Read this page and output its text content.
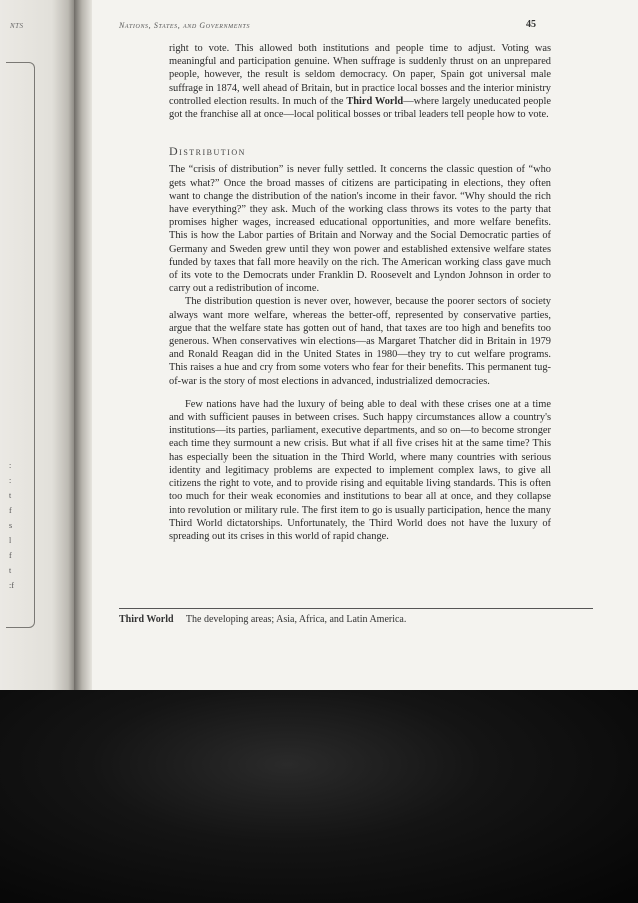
NTS
:
:
t
f
s
l
f
t
:f
Nations, States, and Governments	45

right to vote. This allowed both institutions and people time to adjust. Voting was meaningful and participation genuine. When suffrage is suddenly thrust on an unprepared people, however, the result is seldom democracy. On paper, Spain got universal male suffrage in 1874, well ahead of Britain, but in practice local bosses and the interior ministry controlled election results. In much of the Third World—where largely uneducated people got the franchise all at once—local political bosses or tribal leaders tell people how to vote.

Distribution

The “crisis of distribution” is never fully settled. It concerns the classic question of “who gets what?” Once the broad masses of citizens are participating in elections, they often want to change the distribution of the nation's income in their favor. “Why should the rich have everything?” they ask. Much of the working class throws its votes to the party that promises higher wages, increased educational opportunities, and more welfare benefits. This is how the Labor parties of Britain and Norway and the Social Democratic parties of Germany and Sweden grew until they won power and established extensive welfare states funded by taxes that fall more heavily on the rich. The American working class gave much of its vote to the Democrats under Franklin D. Roosevelt and Lyndon Johnson in order to carry out a redistribution of income.

The distribution question is never over, however, because the poorer sectors of society always want more welfare, whereas the better-off, represented by conservative parties, argue that the welfare state has gotten out of hand, that taxes are too high and benefits too generous. When conservatives win elections—as Margaret Thatcher did in Britain in 1979 and Ronald Reagan did in the United States in 1980—they try to cut welfare programs. This raises a hue and cry from some voters who fear for their benefits. This permanent tug-of-war is the story of most elections in advanced, industrialized democracies.

Few nations have had the luxury of being able to deal with these crises one at a time and with sufficient pauses in between crises. Such happy circumstances allow a country's institutions—its parties, parliament, executive departments, and so on—to become stronger each time they surmount a new crisis. But what if all five crises hit at the same time? This has especially been the situation in the Third World, where many countries with serious identity and legitimacy problems are expected to implement complex laws, to give all citizens the right to vote, and to provide rising and equitable living standards. This is often too much for their weak economies and institutions to bear all at once, and they collapse into revolution or military rule. The first item to go is usually participation, hence the many Third World dictatorships. Unfortunately, the Third World does not have the luxury of spreading out its crises in this world of rapid change.

Third World The developing areas; Asia, Africa, and Latin America.
